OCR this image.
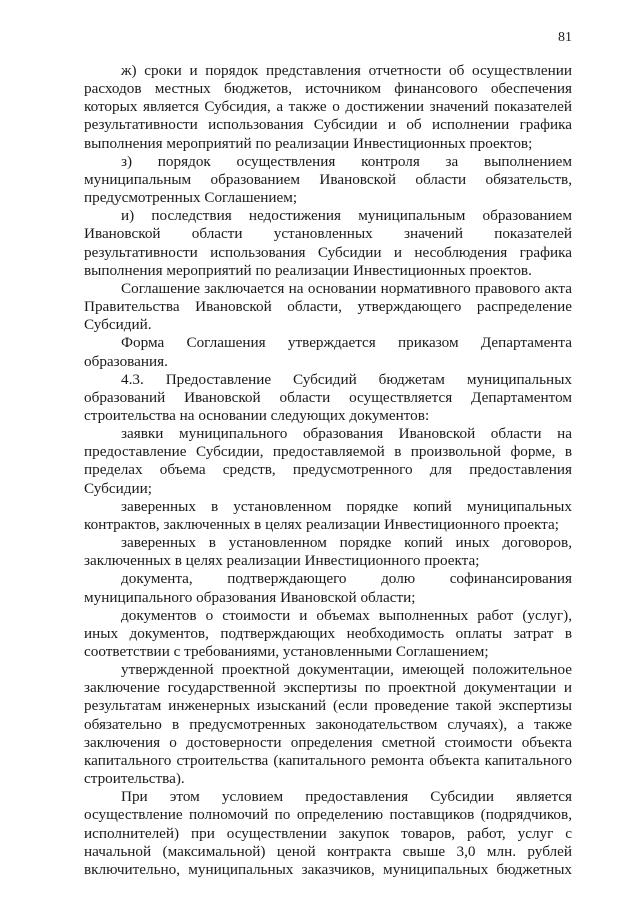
81

ж) сроки и порядок представления отчетности об осуществлении расходов местных бюджетов, источником финансового обеспечения которых является Субсидия, а также о достижении значений показателей результативности использования Субсидии и об исполнении графика выполнения мероприятий по реализации Инвестиционных проектов;

з) порядок осуществления контроля за выполнением муниципальным образованием Ивановской области обязательств, предусмотренных Соглашением;

и) последствия недостижения муниципальным образованием Ивановской области установленных значений показателей результативности использования Субсидии и несоблюдения графика выполнения мероприятий по реализации Инвестиционных проектов.

Соглашение заключается на основании нормативного правового акта Правительства Ивановской области, утверждающего распределение Субсидий.

Форма Соглашения утверждается приказом Департамента образования.

4.3. Предоставление Субсидий бюджетам муниципальных образований Ивановской области осуществляется Департаментом строительства на основании следующих документов:

заявки муниципального образования Ивановской области на предоставление Субсидии, предоставляемой в произвольной форме, в пределах объема средств, предусмотренного для предоставления Субсидии;

заверенных в установленном порядке копий муниципальных контрактов, заключенных в целях реализации Инвестиционного проекта;

заверенных в установленном порядке копий иных договоров, заключенных в целях реализации Инвестиционного проекта;

документа, подтверждающего долю софинансирования муниципального образования Ивановской области;

документов о стоимости и объемах выполненных работ (услуг), иных документов, подтверждающих необходимость оплаты затрат в соответствии с требованиями, установленными Соглашением;

утвержденной проектной документации, имеющей положительное заключение государственной экспертизы по проектной документации и результатам инженерных изысканий (если проведение такой экспертизы обязательно в предусмотренных законодательством случаях), а также заключения о достоверности определения сметной стоимости объекта капитального строительства (капитального ремонта объекта капитального строительства).

При этом условием предоставления Субсидии является осуществление полномочий по определению поставщиков (подрядчиков, исполнителей) при осуществлении закупок товаров, работ, услуг с начальной (максимальной) ценой контракта свыше 3,0 млн. рублей включительно, муниципальных заказчиков, муниципальных бюджетных
